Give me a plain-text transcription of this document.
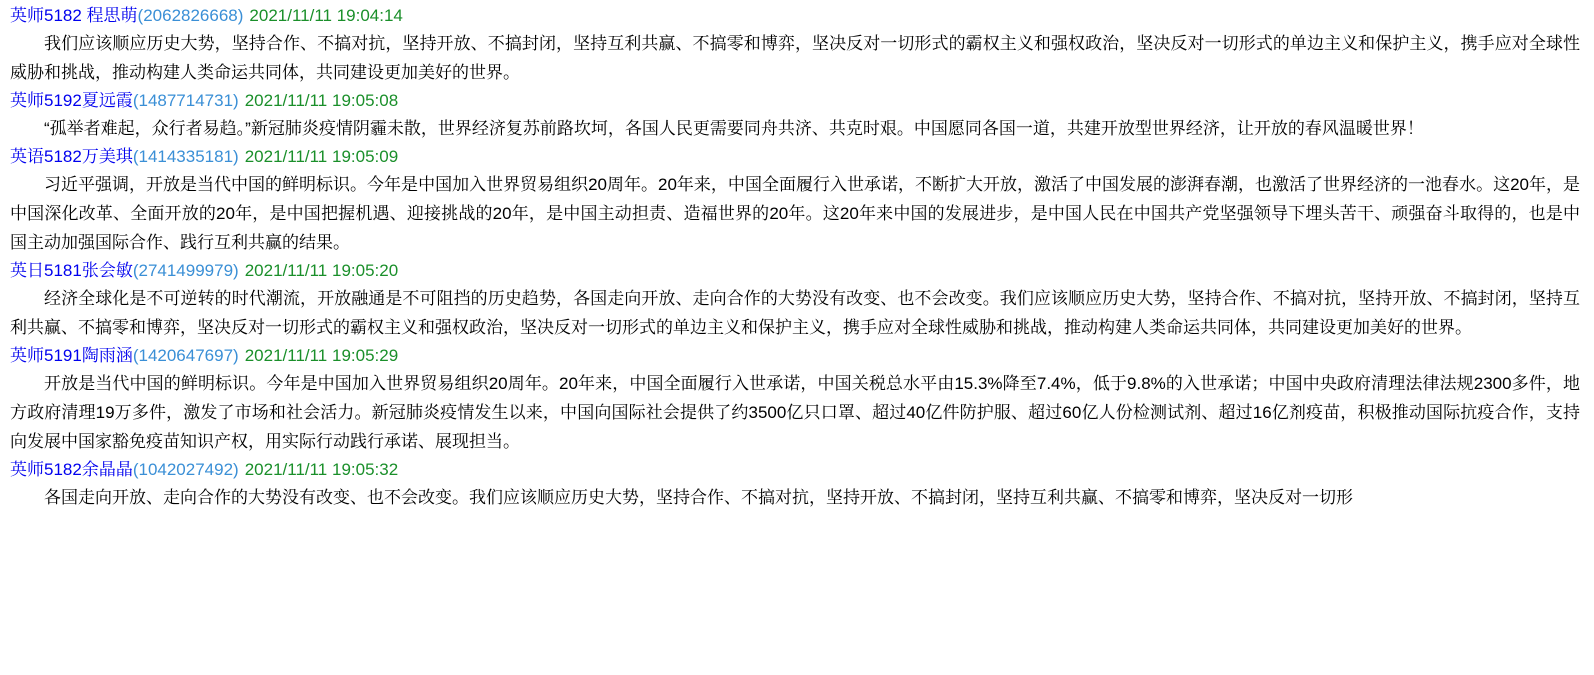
英师5182 程思萌(2062826668) 2021/11/11 19:04:14
我们应该顺应历史大势，坚持合作、不搞对抗，坚持开放、不搞封闭，坚持互利共赢、不搞零和博弈，坚决反对一切形式的霸权主义和强权政治，坚决反对一切形式的单边主义和保护主义，携手应对全球性威胁和挑战，推动构建人类命运共同体，共同建设更加美好的世界。
英师5192夏远霞(1487714731) 2021/11/11 19:05:08
“孤举者难起，众行者易趋。”新冠肺炎疫情阴霾未散，世界经济复苏前路坎坷，各国人民更需要同舟共济、共克时艰。中国愿同各国一道，共建开放型世界经济，让开放的春风温暖世界！
英语5182万美琪(1414335181) 2021/11/11 19:05:09
习近平强调，开放是当代中国的鲜明标识。今年是中国加入世界贸易组织20周年。20年来，中国全面履行入世承诺，不断扩大开放，激活了中国发展的澎湃春潮，也激活了世界经济的一池春水。这20年，是中国深化改革、全面开放的20年，是中国把握机遇、迎接挑战的20年，是中国主动担责、造福世界的20年。这20年来中国的发展进步，是中国人民在中国共产党坚强领导下埋头苦干、顽强奋斗取得的，也是中国主动加强国际合作、践行互利共赢的结果。
英日5181张会敏(2741499979) 2021/11/11 19:05:20
经济全球化是不可逆转的时代潮流，开放融通是不可阻挡的历史趋势，各国走向开放、走向合作的大势没有改变、也不会改变。我们应该顺应历史大势，坚持合作、不搞对抗，坚持开放、不搞封闭，坚持互利共赢、不搞零和博弈，坚决反对一切形式的霸权主义和强权政治，坚决反对一切形式的单边主义和保护主义，携手应对全球性威胁和挑战，推动构建人类命运共同体，共同建设更加美好的世界。
英师5191陶雨涵(1420647697) 2021/11/11 19:05:29
开放是当代中国的鲜明标识。今年是中国加入世界贸易组织20周年。20年来，中国全面履行入世承诺，中国关税总水平由15.3%降至7.4%，低于9.8%的入世承诺；中国中央政府清理法律法规2300多件，地方政府清理19万多件，激发了市场和社会活力。新冠肺炎疫情发生以来，中国向国际社会提供了约3500亿只口罩、超过40亿件防护服、超过60亿人份检测试剂、超过16亿剂疫苗，积极推动国际抗疫合作，支持向发展中国家豁免疫苗知识产权，用实际行动践行承诺、展现担当。
英师5182余晶晶(1042027492) 2021/11/11 19:05:32
各国走向开放、走向合作的大势没有改变、也不会改变。我们应该顺应历史大势，坚持合作、不搞对抗，坚持开放、不搞封闭，坚持互利共赢、不搞零和博弈，坚决反对一切形
